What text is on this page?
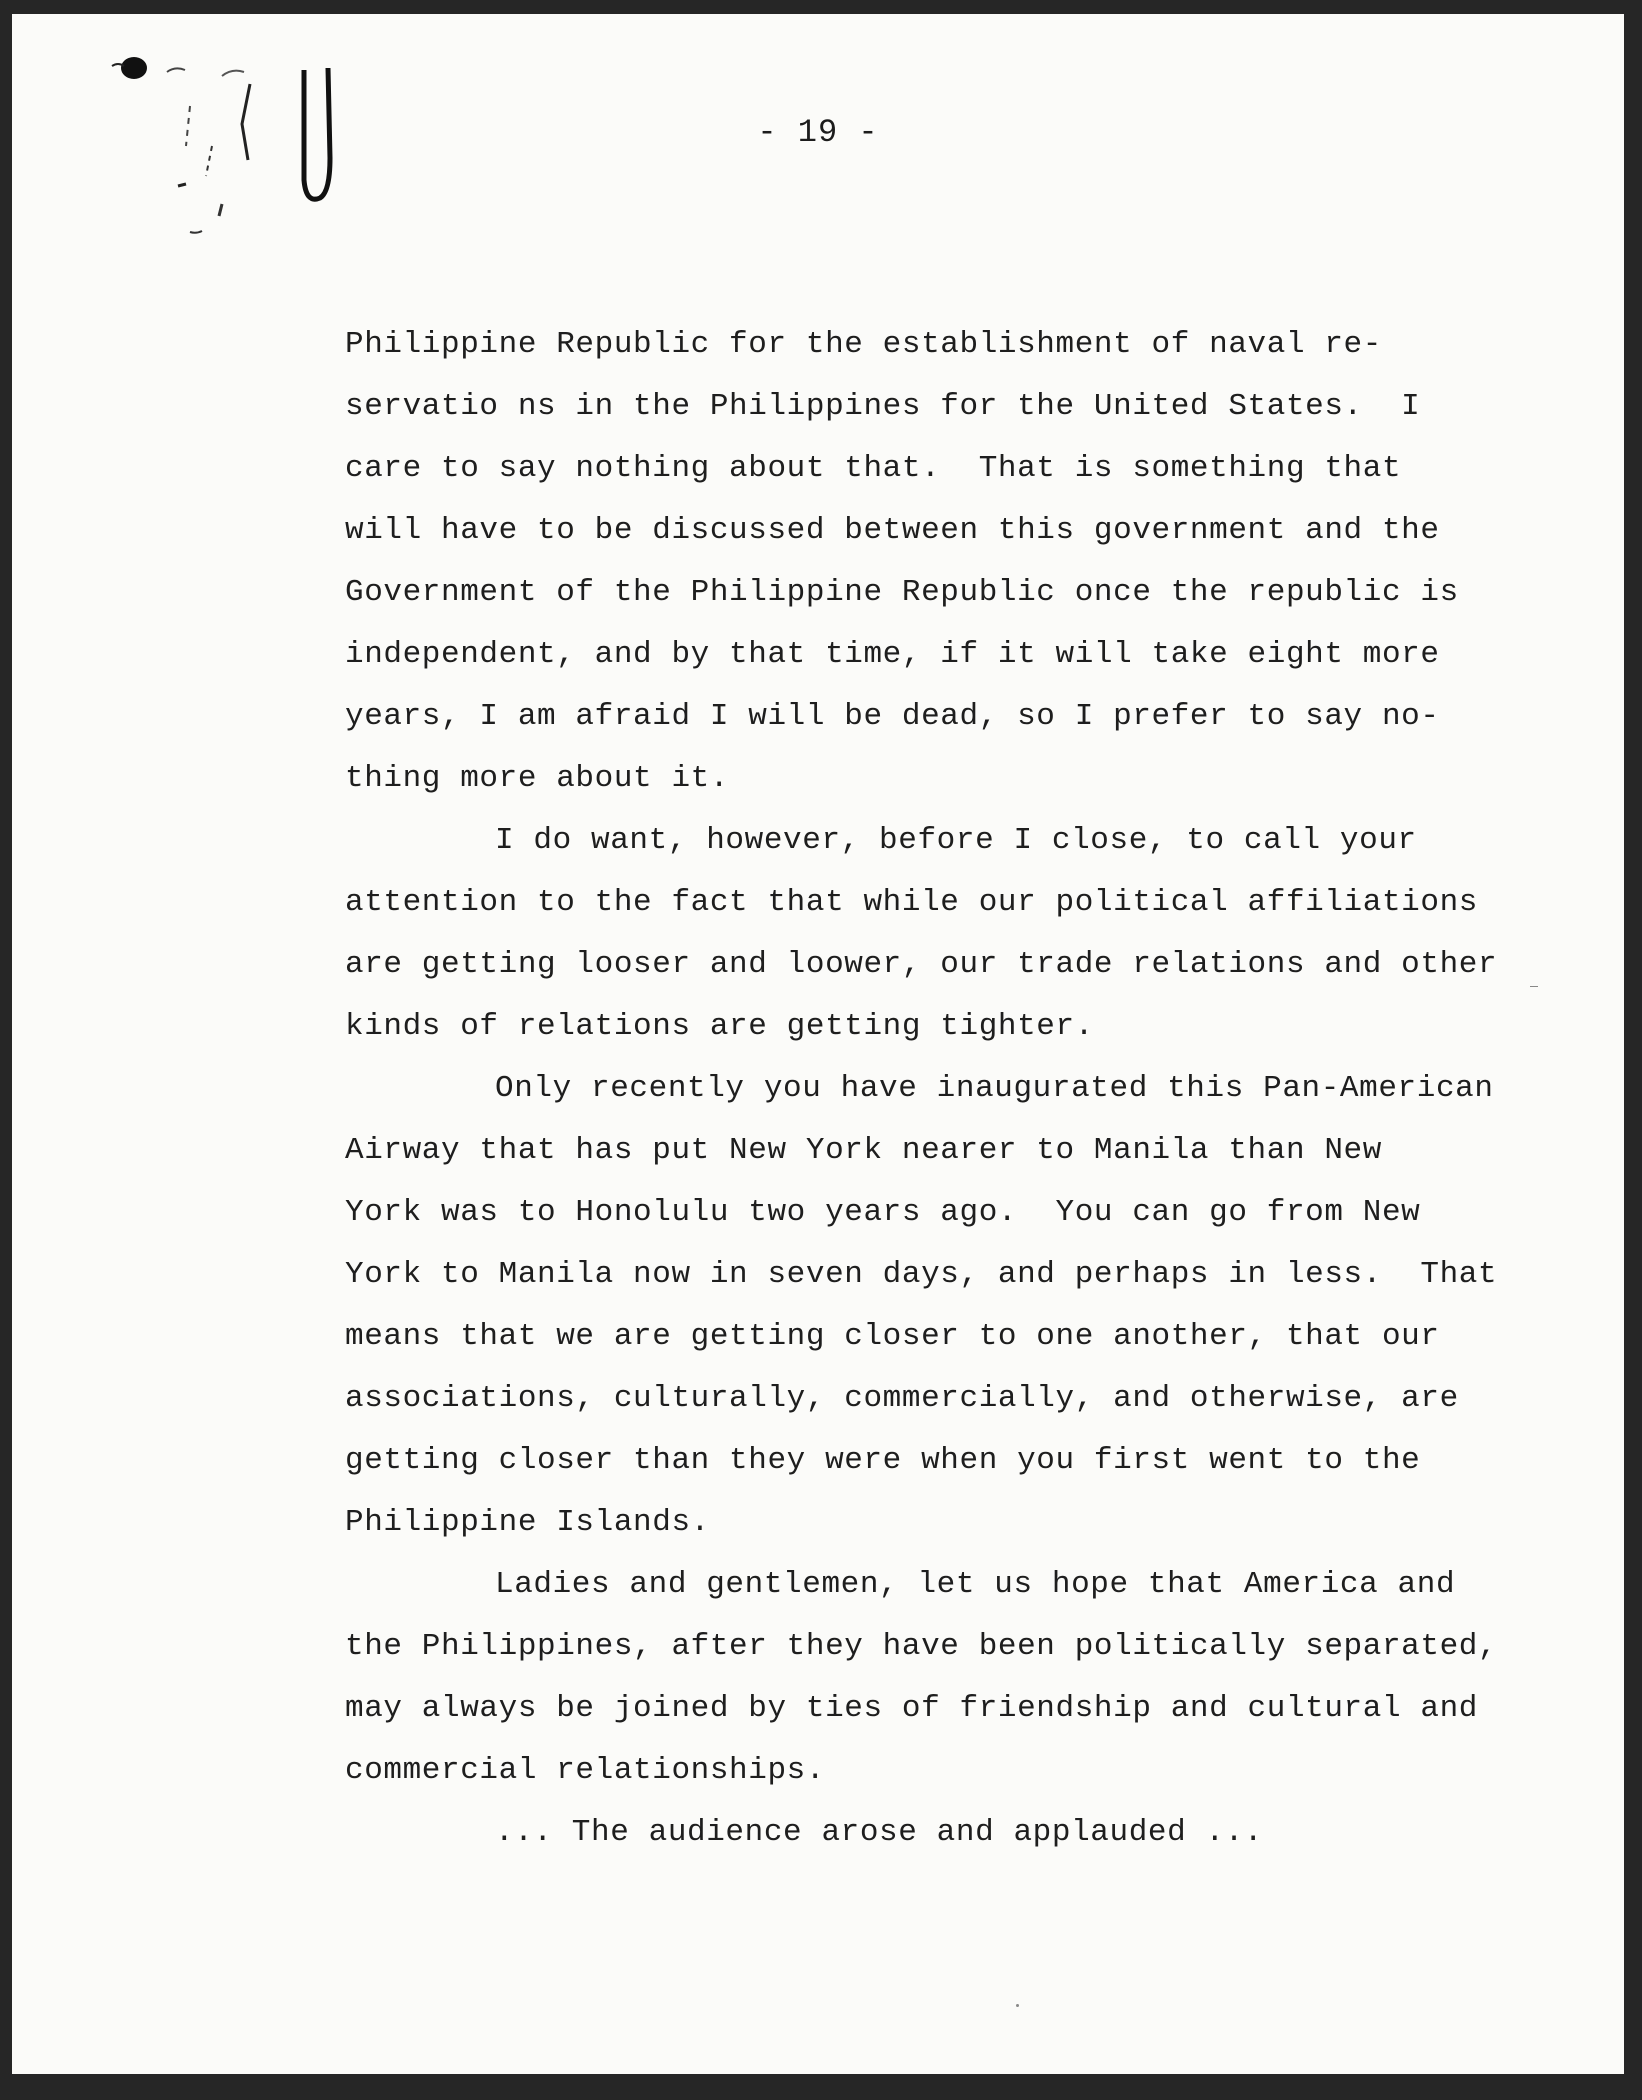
- 19 -
Philippine Republic for the establishment of naval re-
servatio ns in the Philippines for the United States.  I
care to say nothing about that.  That is something that
will have to be discussed between this government and the
Government of the Philippine Republic once the republic is
independent, and by that time, if it will take eight more
years, I am afraid I will be dead, so I prefer to say no-
thing more about it.
I do want, however, before I close, to call your
attention to the fact that while our political affiliations
are getting looser and loower, our trade relations and other
kinds of relations are getting tighter.
Only recently you have inaugurated this Pan-American
Airway that has put New York nearer to Manila than New
York was to Honolulu two years ago.  You can go from New
York to Manila now in seven days, and perhaps in less.  That
means that we are getting closer to one another, that our
associations, culturally, commercially, and otherwise, are
getting closer than they were when you first went to the
Philippine Islands.
Ladies and gentlemen, let us hope that America and
the Philippines, after they have been politically separated,
may always be joined by ties of friendship and cultural and
commercial relationships.
... The audience arose and applauded ...
